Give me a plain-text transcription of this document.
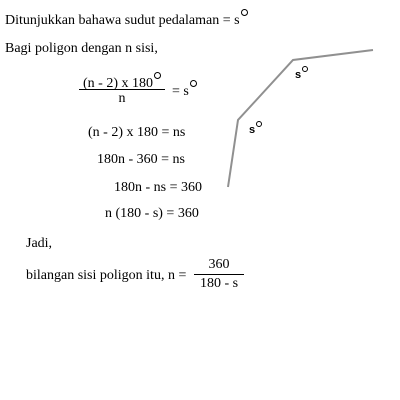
Ditunjukkan bahawa sudut pedalaman = s
Bagi poligon dengan n sisi,
(n - 2) x 180
n	= s
(n - 2) x 180 = ns
180n - 360 = ns
180n - ns = 360
n (180 - s) = 360
Jadi,
bilangan sisi poligon itu, n =
360
180 - s
s
s
